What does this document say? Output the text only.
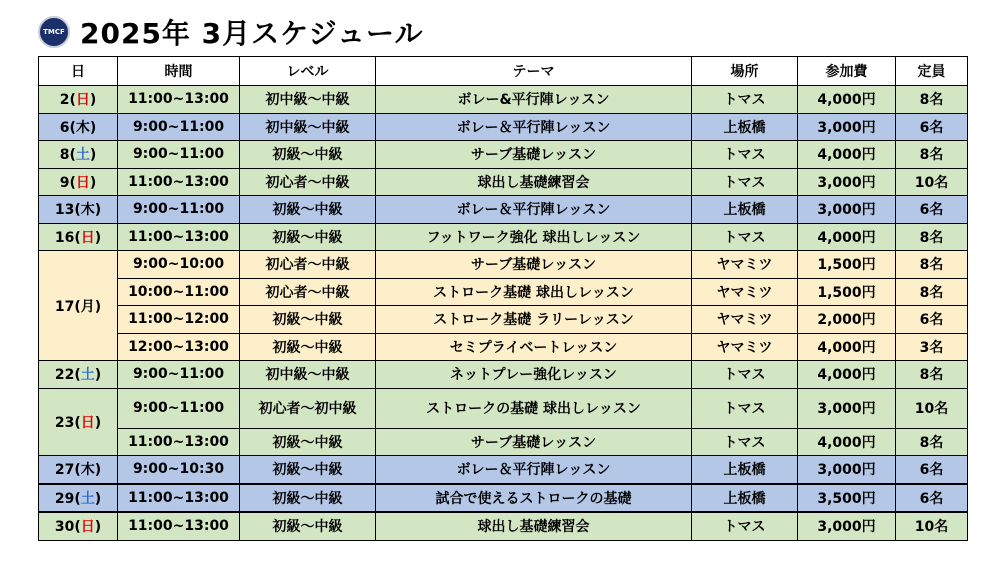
TMCF 2025年 3月スケジュール
日	時間	レベル	テーマ	場所	参加費	定員
2(日)	11:00~13:00	初中級～中級	ボレー&平行陣レッスン	トマス	4,000円	8名
6(木)	9:00~11:00	初中級～中級	ボレー＆平行陣レッスン	上板橋	3,000円	6名
8(土)	9:00~11:00	初級～中級	サーブ基礎レッスン	トマス	4,000円	8名
9(日)	11:00~13:00	初心者～中級	球出し基礎練習会	トマス	3,000円	10名
13(木)	9:00~11:00	初級～中級	ボレー＆平行陣レッスン	上板橋	3,000円	6名
16(日)	11:00~13:00	初級～中級	フットワーク強化 球出しレッスン	トマス	4,000円	8名
17(月)	9:00~10:00	初心者～中級	サーブ基礎レッスン	ヤマミツ	1,500円	8名
	10:00~11:00	初心者～中級	ストローク基礎 球出しレッスン	ヤマミツ	1,500円	8名
	11:00~12:00	初級～中級	ストローク基礎 ラリーレッスン	ヤマミツ	2,000円	6名
	12:00~13:00	初級～中級	セミプライベートレッスン	ヤマミツ	4,000円	3名
22(土)	9:00~11:00	初中級～中級	ネットプレー強化レッスン	トマス	4,000円	8名
23(日)	9:00~11:00	初心者～初中級	ストロークの基礎 球出しレッスン	トマス	3,000円	10名
	11:00~13:00	初級～中級	サーブ基礎レッスン	トマス	4,000円	8名
27(木)	9:00~10:30	初級～中級	ボレー＆平行陣レッスン	上板橋	3,000円	6名
29(土)	11:00~13:00	初級～中級	試合で使えるストロークの基礎	上板橋	3,500円	6名
30(日)	11:00~13:00	初級～中級	球出し基礎練習会	トマス	3,000円	10名
